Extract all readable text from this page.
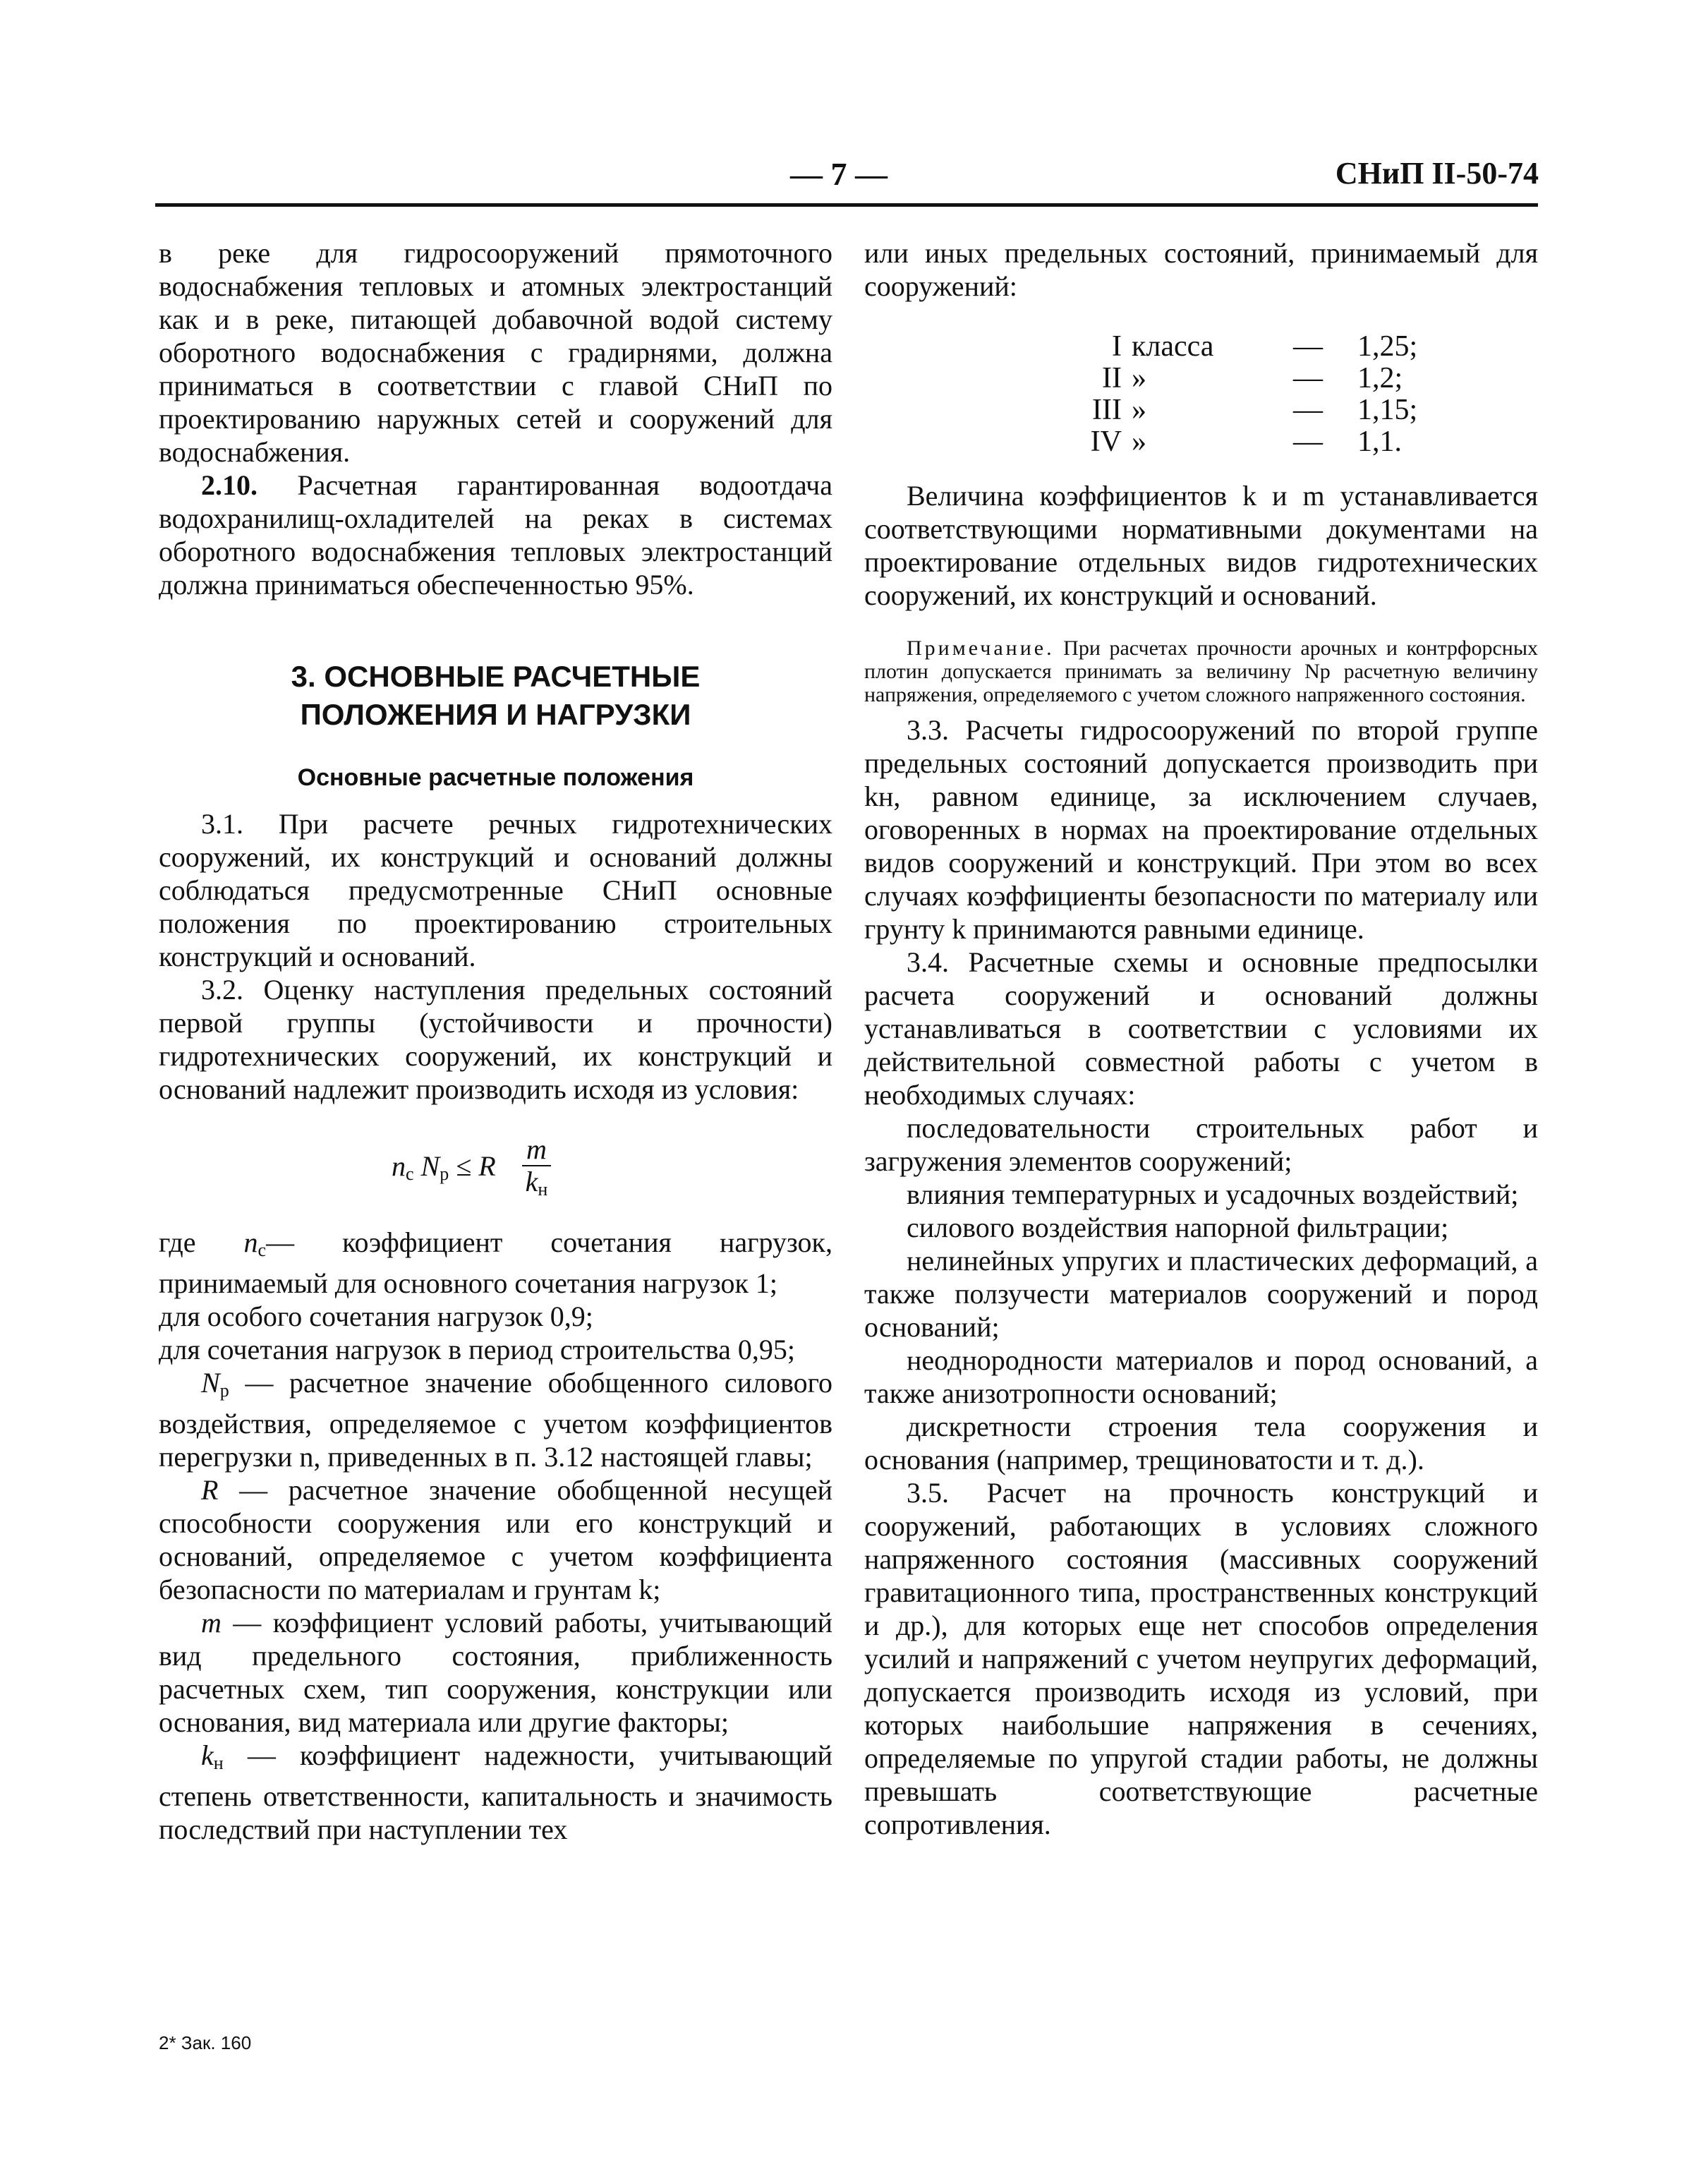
— 7 —	СНиП II-50-74

в реке для гидросооружений прямоточного водоснабжения тепловых и атомных электростанций как и в реке, питающей добавочной водой систему оборотного водоснабжения с градирнями, должна приниматься в соответствии с главой СНиП по проектированию наружных сетей и сооружений для водоснабжения.

2.10. Расчетная гарантированная водоотдача водохранилищ-охладителей на реках в системах оборотного водоснабжения тепловых электростанций должна приниматься обеспеченностью 95%.

3. ОСНОВНЫЕ РАСЧЕТНЫЕ
ПОЛОЖЕНИЯ И НАГРУЗКИ
Основные расчетные положения

3.1. При расчете речных гидротехнических сооружений, их конструкций и оснований должны соблюдаться предусмотренные СНиП основные положения по проектированию строительных конструкций и оснований.

3.2. Оценку наступления предельных состояний первой группы (устойчивости и прочности) гидротехнических сооружений, их конструкций и оснований надлежит производить исходя из условия:

$n_c$ $N_p \le R$
m
$k_н$

где $n_c—$ коэффициент сочетания нагрузок, принимаемый для основного сочетания нагрузок 1;

для особого сочетания нагрузок 0,9;

для сочетания нагрузок в период строительства 0,95;

$N_р$ — расчетное значение обобщенного силового воздействия, определяемое с учетом коэффициентов перегрузки n, приведенных в п. 3.12 настоящей главы;

R — расчетное значение обобщенной несущей способности сооружения или его конструкций и оснований, определяемое с учетом коэффициента безопасности по материалам и грунтам k;

m — коэффициент условий работы, учитывающий вид предельного состояния, приближенность расчетных схем, тип сооружения, конструкции или основания, вид материала или другие факторы;

$k_н$ — коэффициент надежности, учитывающий степень ответственности, капитальность и значимость последствий при наступлении тех

или иных предельных состояний, принимаемый для сооружений:

I класса	—	1,25;
II »	—	1,2;
III »	—	1,15;
IV »	—	1,1.

Величина коэффициентов k и m устанавливается соответствующими нормативными документами на проектирование отдельных видов гидротехнических сооружений, их конструкций и оснований.

Примечание. При расчетах прочности арочных и контрфорсных плотин допускается принимать за величину Nр расчетную величину напряжения, определяемого с учетом сложного напряженного состояния.

3.3. Расчеты гидросооружений по второй группе предельных состояний допускается производить при kн, равном единице, за исключением случаев, оговоренных в нормах на проектирование отдельных видов сооружений и конструкций. При этом во всех случаях коэффициенты безопасности по материалу или грунту k принимаются равными единице.

3.4. Расчетные схемы и основные предпосылки расчета сооружений и оснований должны устанавливаться в соответствии с условиями их действительной совместной работы с учетом в необходимых случаях:

последовательности строительных работ и загружения элементов сооружений;

влияния температурных и усадочных воздействий;

силового воздействия напорной фильтрации;

нелинейных упругих и пластических деформаций, а также ползучести материалов сооружений и пород оснований;

неоднородности материалов и пород оснований, а также анизотропности оснований;

дискретности строения тела сооружения и основания (например, трещиноватости и т. д.).

3.5. Расчет на прочность конструкций и сооружений, работающих в условиях сложного напряженного состояния (массивных сооружений гравитационного типа, пространственных конструкций и др.), для которых еще нет способов определения усилий и напряжений с учетом неупругих деформаций, допускается производить исходя из условий, при которых наибольшие напряжения в сечениях, определяемые по упругой стадии работы, не должны превышать соответствующие расчетные сопротивления.

2* Зак. 160
